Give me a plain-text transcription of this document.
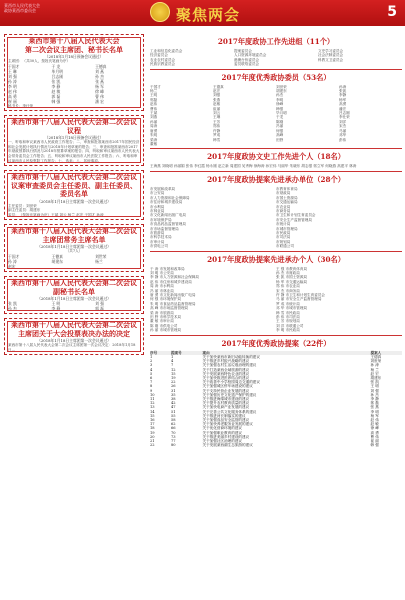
莱西市人民代表大会
政协莱西市委员会	聚焦两会	5
莱西市第十八届人民代表大会
第二次会议主席团、秘书长名单
（2018年1月18日预备会议通过）
主席团：（共30人，按姓氏笔画为序）
于国才	于 龙	王德真
王 琳	毕月明	刘 燕
刘 强	吕志刚	孙 杰
孙 涛	张 凯	张 燕
李 明	李 静	杨 军
赵 伟	赵 敏	徐 峰
高 勇	郭 磊	曹 伟
崔 丽	韩 强	潘 宏
秘书长：李仕荣
莱西市第十八届人民代表大会第二次会议议程
（2018年1月18日预备会议通过）
一、听取和审议莱西市人民政府工作报告；二、审查和批准莱西市2017年国民经济和社会发展计划执行情况与2018年计划草案的报告；三、审查和批准莱西市2017年财政预算执行情况与2018年预算草案的报告；四、听取和审议莱西市人民代表大会常务委员会工作报告；五、听取和审议莱西市人民法院工作报告；六、听取和审议莱西市人民检察院工作报告；七、选举；八、其他事项。
莱西市第十八届人民代表大会第二次会议议案审查委员会主任委员、副主任委员、委员名单
（2018年1月18日主席团第一次会议通过）
主任委员：刘世荣
副主任委员：胡建东
委员：（按姓氏笔画为序）王斌 刘云 杨兰 赵宏 于国才 孙涛
莱西市第十八届人民代表大会第二次会议主席团常务主席名单
（2018年1月18日主席团第一次会议通过）
（共7人）
于国才	王德真	刘世荣
孙 涛	胡建东	杨兰
赵宏
莱西市第十八届人民代表大会第二次会议副秘书长名单
（2018年1月18日主席团第一次会议通过）
张 凯	王 明	刘 强
孙 杰	李 静	郭 磊
莱西市第十八届人民代表大会第二次会议主席团关于大会投票表决办法的决定
（2018年1月18日主席团第一次会议通过）
莱西市第十八届人民代表大会第二次会议主席团第一次会议决定：2018年1月18日...
2017年度政协工作先进组（11个）
工业和信息化委员会	提案委员会	文史学习委员会
经济委员会	人口资源环境委员会	社会法制委员会
农业农村委员会	港澳台侨委员会	科教文卫委员会
民族宗教委员会	委员联络委员会
2017年度优秀政协委员（53名）
于国才	王德真	刘世荣	孙涛
杨兰	赵宏	胡建东	张凯
王明	刘强	孙杰	李静
郭磊	张燕	李明	杨军
赵伟	赵敏	徐峰	高勇
曹伟	崔丽	韩强	潘宏
王斌	刘云	毕月明	吕志刚
刘燕	王琳	于龙	李仕荣
孙丽	王芳	陈刚	刘洋
周涛	郑伟	冯丽	宋杰
唐勇	许静	何强	马丽
朱明	罗成	高峰	邓华
梁涛	韩雪	田野	彭伟
董敏
2017年度政协文史工作先进个人（18名）
王海燕 刘晓明 孙丽娟 张伟 李红霞 杨永刚 赵立新 周建国 吴秀梅 徐海涛 孙宏伟 马丽华 朱晓东 胡志强 郭立军 何晓燕 高建平 林涛
2017年度政协提案先进承办单位（28个）
市发展和改革局	市教育体育局
市公安局	市财政局
市人力资源和社会保障局	市国土资源局
市住房和城乡建设局	市交通运输局
市水利局	市农业局
市林业局	市商务局
市文化新闻出版广电局	市卫生和计划生育委员会
市环境保护局	市安全生产监督管理局
市食品药品监督管理局	市统计局
市市场监督管理局	市城市管理局
市旅游局	市民政局
市科学技术局	市司法局
市审计局	市规划局
市供电公司	市联通公司
2017年度政协提案先进承办个人（30名）
于 涛 市发展和改革局	王 强 市教育体育局
刘 明 市公安局	孙 杰 市财政局
李 静 市人力资源和社会保障局	张 凯 市国土资源局
赵 伟 市住房和城乡建设局	杨 军 市交通运输局
周 涛 市水利局	郑 伟 市农业局
冯 丽 市林业局	宋 杰 市商务局
唐 勇 市文化新闻出版广电局	许 静 市卫生和计划生育委员会
何 强 市环境保护局	马 丽 市安全生产监督管理局
朱 明 市食品药品监督管理局	罗 成 市统计局
高 峰 市市场监督管理局	邓 华 市城市管理局
梁 涛 市旅游局	韩 雪 市民政局
田 野 市科学技术局	彭 伟 市司法局
董 敏 市审计局	王 芳 市规划局
陈 刚 市供电公司	刘 洋 市联通公司
孙 丽 市城市管理局	李 明 市民政局
2017年度优秀政协提案（22件）
序号	提案号	案由	提案人
1	1	关于加快莱西市新旧动能转换的建议	王德真
2	4	关于推进乡村振兴战略的建议	刘世荣
3	7	关于加强农村生活垃圾治理的建议	孙 涛
4	12	关于打造莱西全域旅游的建议	杨 兰
5	15	关于发展莱西特色农业的建议	赵 宏
6	19	关于加快推进医养结合的建议	胡建东
7	22	关于改善中小学校园周边交通的建议	张 凯
8	26	关于加强城区停车场建设的建议	王 明
9	31	关于支持民营企业发展的建议	刘 强
10	35	关于加强历史文化遗产保护的建议	孙 杰
11	38	关于推进海绵城市建设的建议	李 静
12	42	关于提升农村教育质量的建议	郭 磊
13	47	关于加快电商产业发展的建议	张 燕
14	51	关于完善公共文化服务体系的建议	李 明
15	55	关于推进河长制落实的建议	杨 军
16	58	关于加强食品安全监管的建议	赵 伟
17	62	关于加快养老服务业发展的建议	赵 敏
18	66	关于优化营商环境的建议	徐 峰
19	70	关于加强职业教育的建议	高 勇
20	73	关于推进美丽乡村建设的建议	曹 伟
21	77	关于加强社区治理的建议	崔 丽
22	80	关于发展莱西湖生态旅游的建议	韩 强
